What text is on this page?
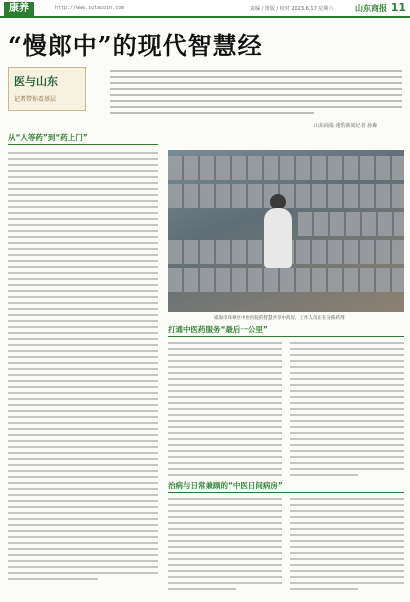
康养	http://www.sutacoin.com	责编 / 排版 / 校对 2023.6.17 星期六	山东商报 11
“慢郎中”的现代智慧经
医与山东
记者带你看基层
山东商报·速豹新闻记者 孙森
从“人等药”到“药上门”
威海市环翠区中医医院的智慧共享中药房，工作人员正在分拣药剂
打通中医药服务“最后一公里”
治病与日常兼顾的“中医日间病房”
